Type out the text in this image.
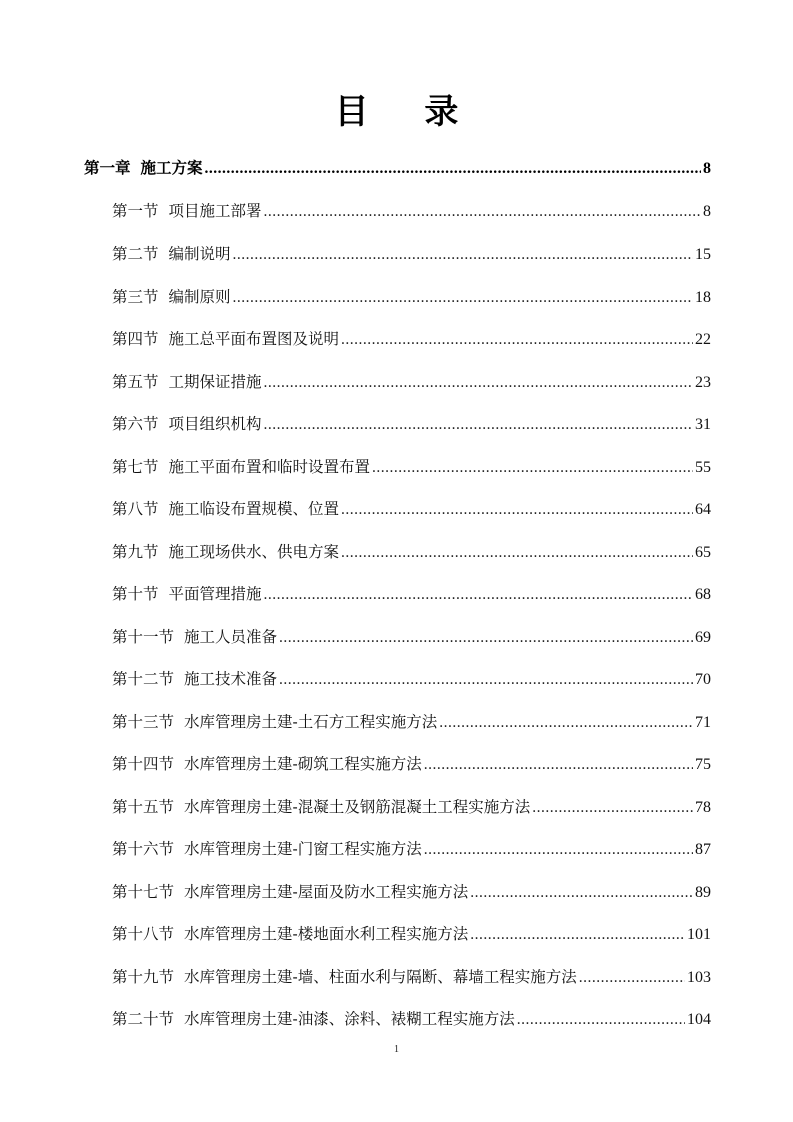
目 录
第一章 施工方案 .....	8
第一节 项目施工部署 .....	8
第二节 编制说明 .....	15
第三节 编制原则 .....	18
第四节 施工总平面布置图及说明 .....	22
第五节 工期保证措施 .....	23
第六节 项目组织机构 .....	31
第七节 施工平面布置和临时设置布置 .....	55
第八节 施工临设布置规模、位置 .....	64
第九节 施工现场供水、供电方案 .....	65
第十节 平面管理措施 .....	68
第十一节 施工人员准备 .....	69
第十二节 施工技术准备 .....	70
第十三节 水库管理房土建-土石方工程实施方法 .....	71
第十四节 水库管理房土建-砌筑工程实施方法 .....	75
第十五节 水库管理房土建-混凝土及钢筋混凝土工程实施方法 .....	78
第十六节 水库管理房土建-门窗工程实施方法 .....	87
第十七节 水库管理房土建-屋面及防水工程实施方法 .....	89
第十八节 水库管理房土建-楼地面水利工程实施方法 .....	101
第十九节 水库管理房土建-墙、柱面水利与隔断、幕墙工程实施方法 .....	103
第二十节 水库管理房土建-油漆、涂料、裱糊工程实施方法 .....	104
1
